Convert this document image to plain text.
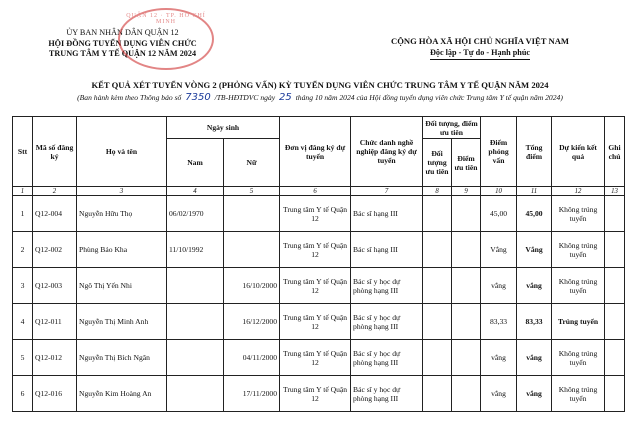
ỦY BAN NHÂN DÂN QUẬN 12
HỘI ĐỒNG TUYỂN DỤNG VIÊN CHỨC
TRUNG TÂM Y TẾ QUẬN 12 NĂM 2024
QUẬN 12 · TP. HỒ CHÍ MINH
CỘNG HÒA XÃ HỘI CHỦ NGHĨA VIỆT NAM
Độc lập - Tự do - Hạnh phúc
KẾT QUẢ XÉT TUYỂN VÒNG 2 (PHỎNG VẤN) KỲ TUYỂN DỤNG VIÊN CHỨC TRUNG TÂM Y TẾ QUẬN NĂM 2024
(Ban hành kèm theo Thông báo số 7350 /TB-HĐTDVC ngày 25 tháng 10 năm 2024 của Hội đồng tuyển dụng viên chức Trung tâm Y tế quận năm 2024)
Stt	Mã số đăng ký	Họ và tên	Ngày sinh		Đơn vị đăng ký dự tuyển	Chức danh nghề nghiệp đăng ký dự tuyển	Đối tượng, điểm ưu tiên		Điểm phỏng vấn	Tổng điểm	Dự kiến kết quả	Ghi chú
			Nam	Nữ			Đối tượng ưu tiên	Điểm ưu tiên				
1	2	3	4	5	6	7	8	9	10	11	12	13
1	Q12-004	Nguyễn Hữu Thọ	06/02/1970		Trung tâm Y tế Quận 12	Bác sĩ hạng III			45,00	45,00	Không trúng tuyển	
2	Q12-002	Phùng Bảo Kha	11/10/1992		Trung tâm Y tế Quận 12	Bác sĩ hạng III			Vắng	Vắng	Không trúng tuyển	
3	Q12-003	Ngô Thị Yến Nhi		16/10/2000	Trung tâm Y tế Quận 12	Bác sĩ y học dự phòng hạng III			vắng	vắng	Không trúng tuyển	
4	Q12-011	Nguyễn Thị Minh Anh		16/12/2000	Trung tâm Y tế Quận 12	Bác sĩ y học dự phòng hạng III			83,33	83,33	Trúng tuyển	
5	Q12-012	Nguyễn Thị Bích Ngân		04/11/2000	Trung tâm Y tế Quận 12	Bác sĩ y học dự phòng hạng III			vắng	vắng	Không trúng tuyển	
6	Q12-016	Nguyễn Kim Hoàng An		17/11/2000	Trung tâm Y tế Quận 12	Bác sĩ y học dự phòng hạng III			vắng	vắng	Không trúng tuyển	
